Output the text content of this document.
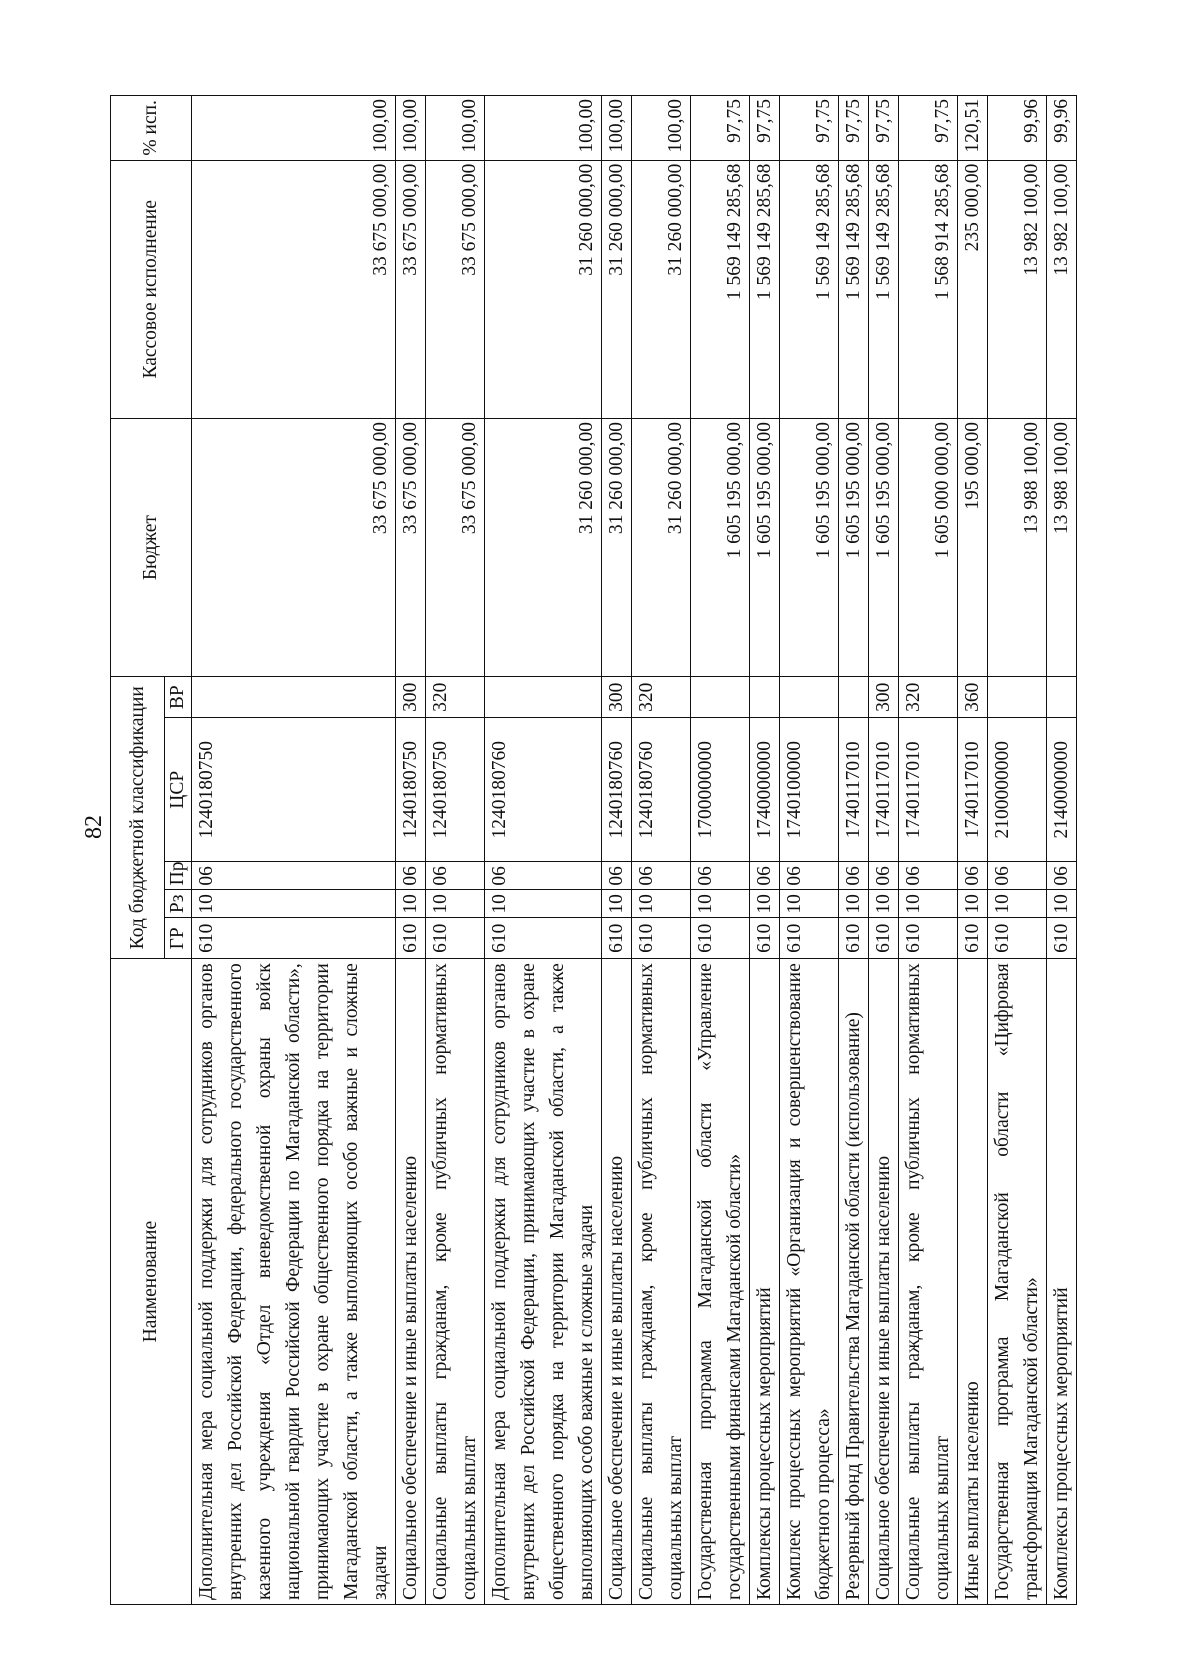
82
Наименование	Код бюджетной классификации					Бюджет	Кассовое исполнение	% исп.
	ГР	Рз	Пр	ЦСР	ВР			
Дополнительная мера социальной поддержки для сотрудников органов внутренних дел Российской Федерации, федерального государственного казенного учреждения «Отдел вневедомственной охраны войск национальной гвардии Российской Федерации по Магаданской области», принимающих участие в охране общественного порядка на территории Магаданской области, а также выполняющих особо важные и сложные задачи	610	10	06	1240180750		33 675 000,00	33 675 000,00	100,00
Социальное обеспечение и иные выплаты населению	610	10	06	1240180750	300	33 675 000,00	33 675 000,00	100,00
Социальные выплаты гражданам, кроме публичных нормативных социальных выплат	610	10	06	1240180750	320	33 675 000,00	33 675 000,00	100,00
Дополнительная мера социальной поддержки для сотрудников органов внутренних дел Российской Федерации, принимающих участие в охране общественного порядка на территории Магаданской области, а также выполняющих особо важные и сложные задачи	610	10	06	1240180760		31 260 000,00	31 260 000,00	100,00
Социальное обеспечение и иные выплаты населению	610	10	06	1240180760	300	31 260 000,00	31 260 000,00	100,00
Социальные выплаты гражданам, кроме публичных нормативных социальных выплат	610	10	06	1240180760	320	31 260 000,00	31 260 000,00	100,00
Государственная программа Магаданской области «Управление государственными финансами Магаданской области»	610	10	06	1700000000		1 605 195 000,00	1 569 149 285,68	97,75
Комплексы процессных мероприятий	610	10	06	1740000000		1 605 195 000,00	1 569 149 285,68	97,75
Комплекс процессных мероприятий «Организация и совершенствование бюджетного процесса»	610	10	06	1740100000		1 605 195 000,00	1 569 149 285,68	97,75
Резервный фонд Правительства Магаданской области (использование)	610	10	06	1740117010		1 605 195 000,00	1 569 149 285,68	97,75
Социальное обеспечение и иные выплаты населению	610	10	06	1740117010	300	1 605 195 000,00	1 569 149 285,68	97,75
Социальные выплаты гражданам, кроме публичных нормативных социальных выплат	610	10	06	1740117010	320	1 605 000 000,00	1 568 914 285,68	97,75
Иные выплаты населению	610	10	06	1740117010	360	195 000,00	235 000,00	120,51
Государственная программа Магаданской области «Цифровая трансформация Магаданской области»	610	10	06	2100000000		13 988 100,00	13 982 100,00	99,96
Комплексы процессных мероприятий	610	10	06	2140000000		13 988 100,00	13 982 100,00	99,96
